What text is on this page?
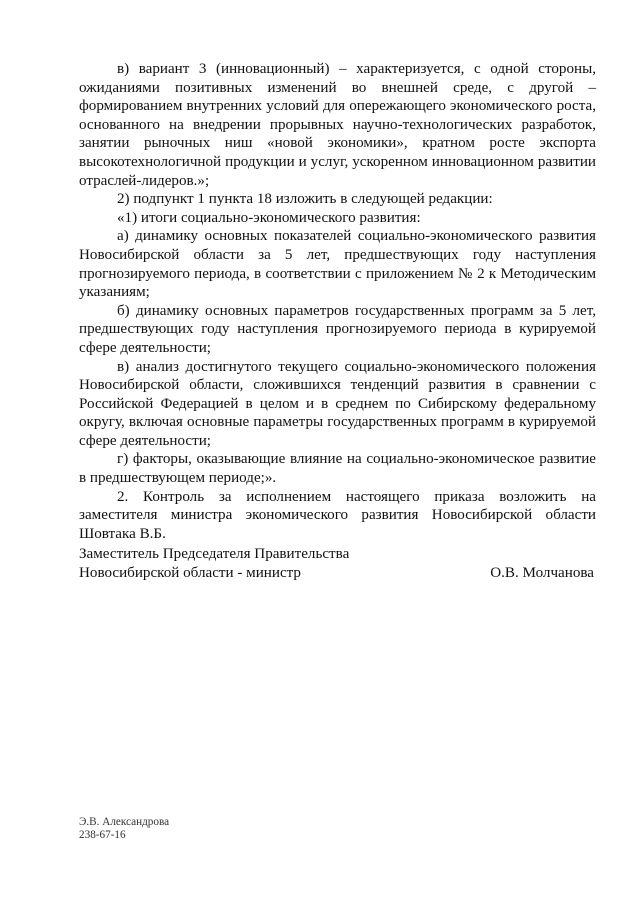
в) вариант 3 (инновационный) – характеризуется, с одной стороны, ожиданиями позитивных изменений во внешней среде, с другой – формированием внутренних условий для опережающего экономического роста, основанного на внедрении прорывных научно-технологических разработок, занятии рыночных ниш «новой экономики», кратном росте экспорта высокотехнологичной продукции и услуг, ускоренном инновационном развитии отраслей-лидеров.»;

2) подпункт 1 пункта 18 изложить в следующей редакции:

«1) итоги социально-экономического развития:

а) динамику основных показателей социально-экономического развития Новосибирской области за 5 лет, предшествующих году наступления прогнозируемого периода, в соответствии с приложением № 2 к Методическим указаниям;

б) динамику основных параметров государственных программ за 5 лет, предшествующих году наступления прогнозируемого периода в курируемой сфере деятельности;

в) анализ достигнутого текущего социально-экономического положения Новосибирской области, сложившихся тенденций развития в сравнении с Российской Федерацией в целом и в среднем по Сибирскому федеральному округу, включая основные параметры государственных программ в курируемой сфере деятельности;

г) факторы, оказывающие влияние на социально-экономическое развитие в предшествующем периоде;».

2. Контроль за исполнением настоящего приказа возложить на заместителя министра экономического развития Новосибирской области Шовтака В.Б.

Заместитель Председателя Правительства
Новосибирской области - министр	О.В. Молчанова
Э.В. Александрова
238-67-16
